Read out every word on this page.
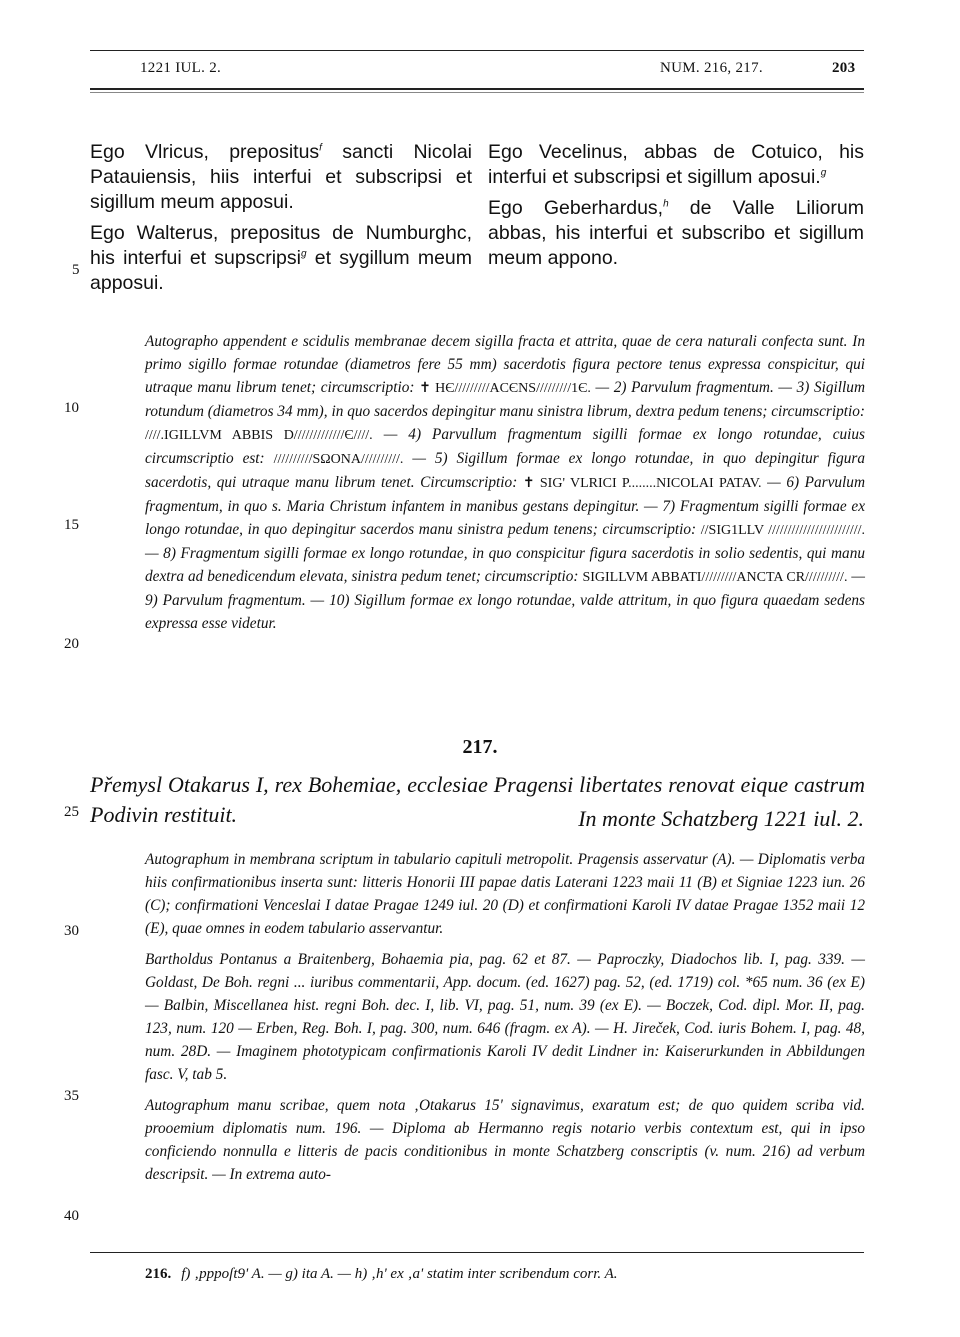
1221 IUL. 2.	NUM. 216, 217.	203

Ego Vlricus, prepositus$^f$ sancti Nicolai Patauiensis, hiis interfui et subscripsi et sigillum meum apposui.

Ego Walterus, prepositus de Numburghc, his interfui et supscripsi$^g$ et sygillum meum apposui.

Ego Vecelinus, abbas de Cotuico, his interfui et subscripsi et sigillum aposui.$^g$

Ego Geberhardus,$^h$ de Valle Liliorum abbas, his interfui et subscribo et sigillum meum appono.

5
10
15
20
25
30
35
40
Autographo appendent e scidulis membranae decem sigilla fracta et attrita, quae de cera naturali confecta sunt. In primo sigillo formae rotundae (diametros fere 55 mm) sacerdotis figura pectore tenus expressa conspicitur, qui utraque manu librum tenet; circumscriptio: ✝ HЄ/////////ACЄNS/////////1Є. — 2) Parvulum fragmentum. — 3) Sigillum rotundum (diametros 34 mm), in quo sacerdos depingitur manu sinistra librum, dextra pedum tenens; circumscriptio: ////.IGILLVM ABBIS D/////////////Є////. — 4) Parvullum fragmentum sigilli formae ex longo rotundae, cuius circumscriptio est: //////////SΩONA//////////. — 5) Sigillum formae ex longo rotundae, in quo depingitur figura sacerdotis, qui utraque manu librum tenet. Circumscriptio: ✝ SIG' VLRICI P........NICOLAI PATAV. — 6) Parvulum fragmentum, in quo s. Maria Christum infantem in manibus gestans depingitur. — 7) Fragmentum sigilli formae ex longo rotundae, in quo depingitur sacerdos manu sinistra pedum tenens; circumscriptio: //SIG1LLV ////////////////////////. — 8) Fragmentum sigilli formae ex longo rotundae, in quo conspicitur figura sacerdotis in solio sedentis, qui manu dextra ad benedicendum elevata, sinistra pedum tenet; circumscriptio: SIGILLVM ABBATI/////////ANCTA CR//////////. — 9) Parvulum fragmentum. — 10) Sigillum formae ex longo rotundae, valde attritum, in quo figura quaedam sedens expressa esse videtur.
217.
Přemysl Otakarus I, rex Bohemiae, ecclesiae Pragensi libertates renovat eique castrum Podivin restituit.	In monte Schatzberg 1221 iul. 2.

Autographum in membrana scriptum in tabulario capituli metropolit. Pragensis asservatur (A). — Diplomatis verba hiis confirmationibus inserta sunt: litteris Honorii III papae datis Laterani 1223 maii 11 (B) et Signiae 1223 iun. 26 (C); confirmationi Venceslai I datae Pragae 1249 iul. 20 (D) et confirmationi Karoli IV datae Pragae 1352 maii 12 (E), quae omnes in eodem tabulario asservantur.

Bartholdus Pontanus a Braitenberg, Bohaemia pia, pag. 62 et 87. — Paproczky, Diadochos lib. I, pag. 339. — Goldast, De Boh. regni ... iuribus commentarii, App. docum. (ed. 1627) pag. 52, (ed. 1719) col. *65 num. 36 (ex E) — Balbin, Miscellanea hist. regni Boh. dec. I, lib. VI, pag. 51, num. 39 (ex E). — Boczek, Cod. dipl. Mor. II, pag. 123, num. 120 — Erben, Reg. Boh. I, pag. 300, num. 646 (fragm. ex A). — H. Jireček, Cod. iuris Bohem. I, pag. 48, num. 28D. — Imaginem phototypicam confirmationis Karoli IV dedit Lindner in: Kaiserurkunden in Abbildungen fasc. V, tab 5.

Autographum manu scribae, quem nota ‚Otakarus 15' signavimus, exaratum est; de quo quidem scriba vid. prooemium diplomatis num. 196. — Diploma ab Hermanno regis notario verbis contextum est, qui in ipso conficiendo nonnulla e litteris de pacis conditionibus in monte Schatzberg conscriptis (v. num. 216) ad verbum descripsit. — In extrema auto-

216. f) ‚pppoſt9' A. — g) ita A. — h) ‚h' ex ‚a' statim inter scribendum corr. A.
